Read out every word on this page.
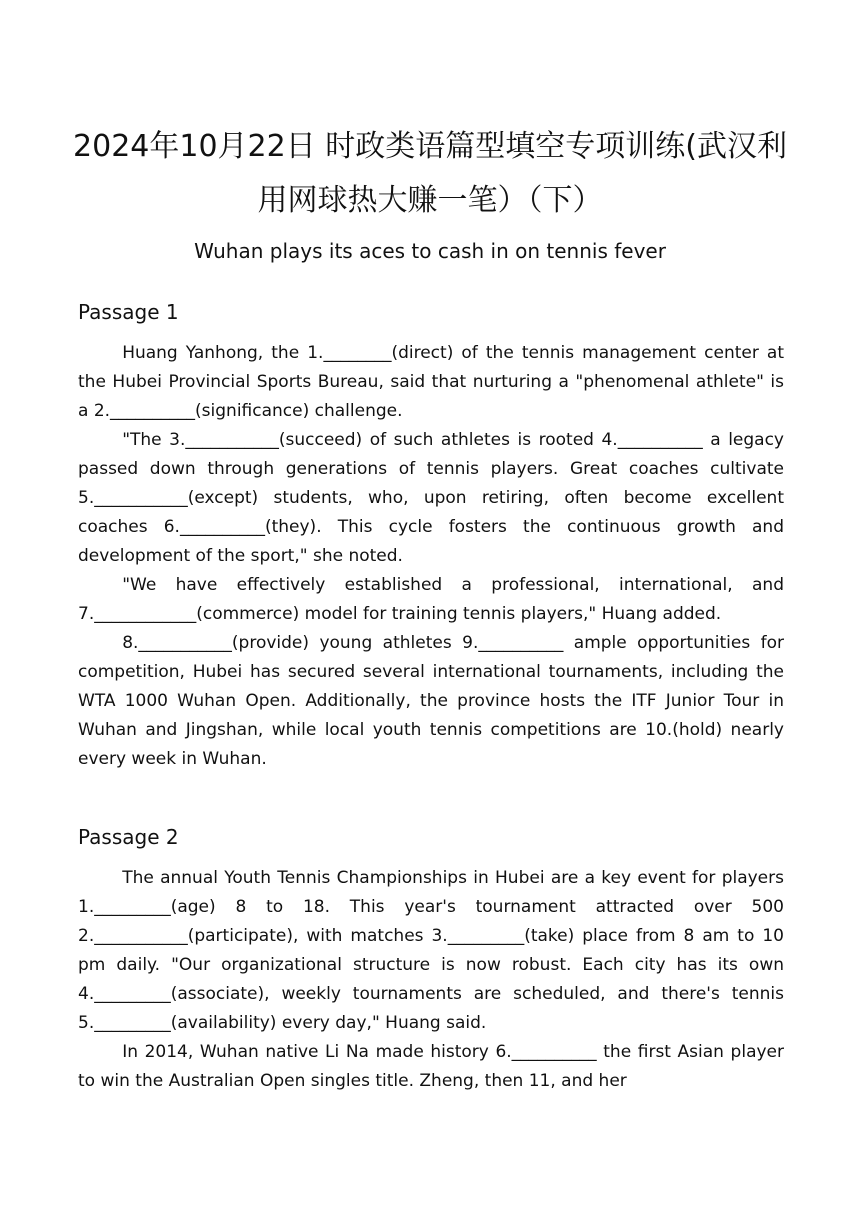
2024年10月22日 时政类语篇型填空专项训练(武汉利用网球热大赚一笔）（下）
Wuhan plays its aces to cash in on tennis fever
Passage 1

Huang Yanhong, the 1.________(direct) of the tennis management center at the Hubei Provincial Sports Bureau, said that nurturing a "phenomenal athlete" is a 2.__________(significance) challenge.

"The 3.___________(succeed) of such athletes is rooted 4.__________ a legacy passed down through generations of tennis players. Great coaches cultivate 5.___________(except) students, who, upon retiring, often become excellent coaches 6.__________(they). This cycle fosters the continuous growth and development of the sport," she noted.

"We have effectively established a professional, international, and 7.____________(commerce) model for training tennis players," Huang added.

8.___________(provide) young athletes 9.__________ ample opportunities for competition, Hubei has secured several international tournaments, including the WTA 1000 Wuhan Open. Additionally, the province hosts the ITF Junior Tour in Wuhan and Jingshan, while local youth tennis competitions are 10.(hold) nearly every week in Wuhan.

Passage 2

The annual Youth Tennis Championships in Hubei are a key event for players 1._________(age) 8 to 18. This year's tournament attracted over 500 2.___________(participate), with matches 3._________(take) place from 8 am to 10 pm daily. "Our organizational structure is now robust. Each city has its own 4._________(associate), weekly tournaments are scheduled, and there's tennis 5._________(availability) every day," Huang said.

In 2014, Wuhan native Li Na made history 6.__________ the first Asian player to win the Australian Open singles title. Zheng, then 11, and her
